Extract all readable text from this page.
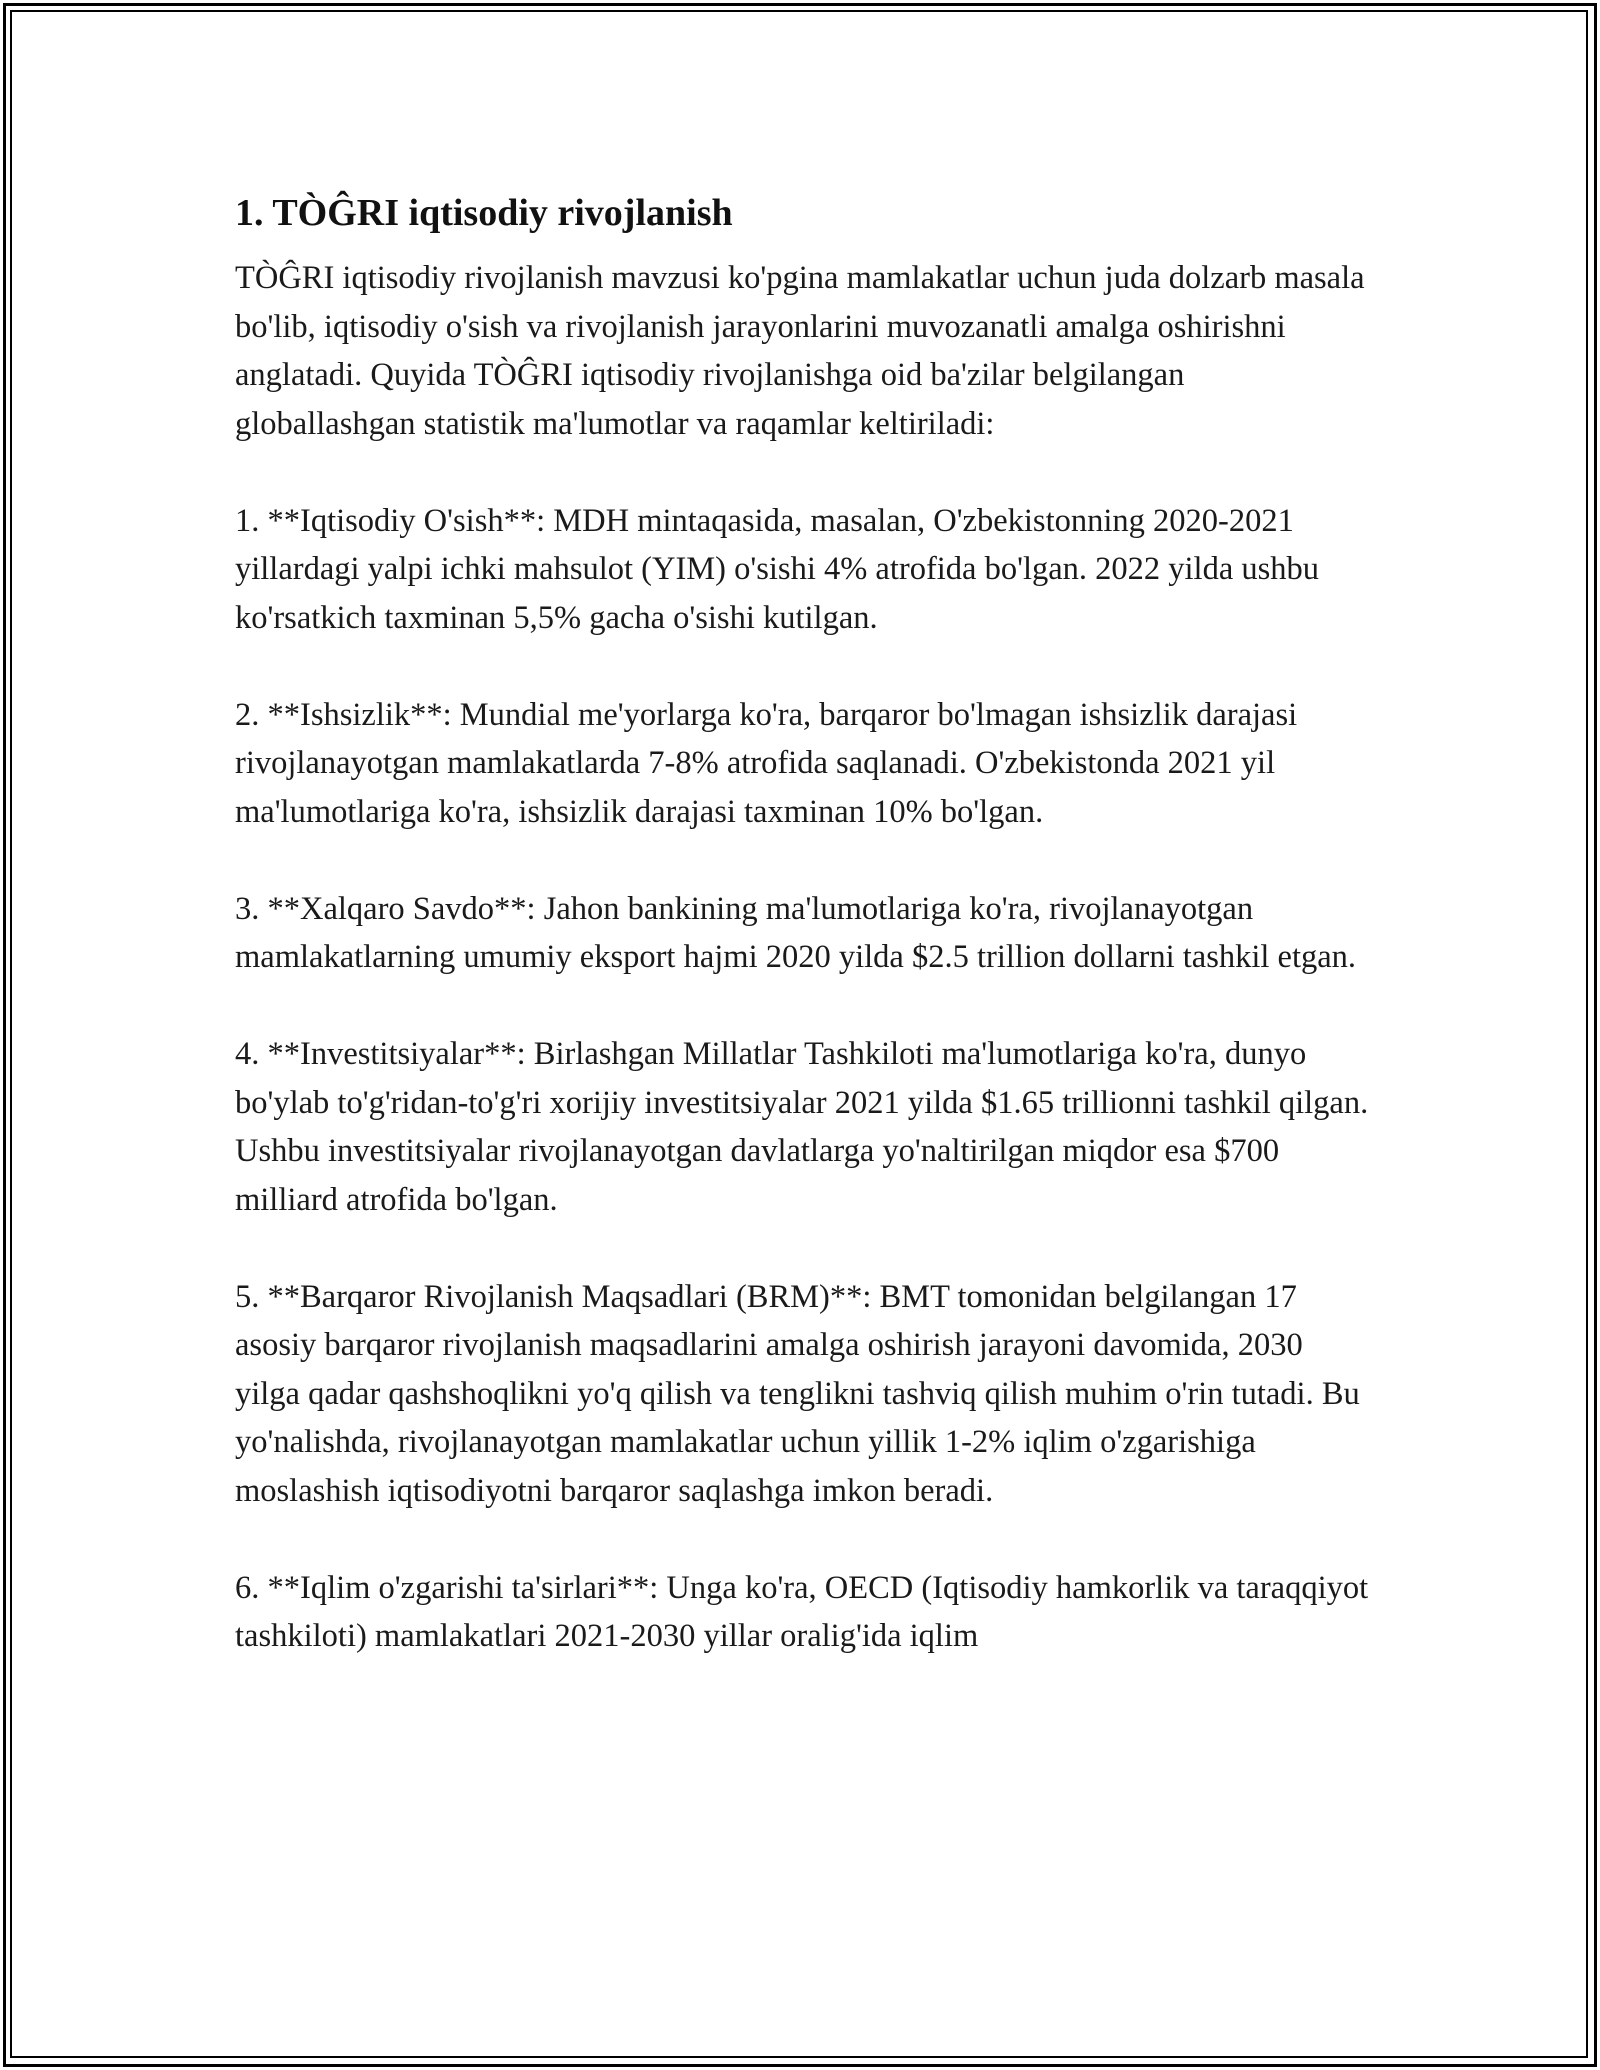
1. TÒĜRI iqtisodiy rivojlanish

TÒĜRI iqtisodiy rivojlanish mavzusi ko'pgina mamlakatlar uchun juda dolzarb masala bo'lib, iqtisodiy o'sish va rivojlanish jarayonlarini muvozanatli amalga oshirishni anglatadi. Quyida TÒĜRI iqtisodiy rivojlanishga oid ba'zilar belgilangan globallashgan statistik ma'lumotlar va raqamlar keltiriladi:

1. **Iqtisodiy O'sish**: MDH mintaqasida, masalan, O'zbekistonning 2020-2021 yillardagi yalpi ichki mahsulot (YIM) o'sishi 4% atrofida bo'lgan. 2022 yilda ushbu ko'rsatkich taxminan 5,5% gacha o'sishi kutilgan.

2. **Ishsizlik**: Mundial me'yorlarga ko'ra, barqaror bo'lmagan ishsizlik darajasi rivojlanayotgan mamlakatlarda 7-8% atrofida saqlanadi. O'zbekistonda 2021 yil ma'lumotlariga ko'ra, ishsizlik darajasi taxminan 10% bo'lgan.

3. **Xalqaro Savdo**: Jahon bankining ma'lumotlariga ko'ra, rivojlanayotgan mamlakatlarning umumiy eksport hajmi 2020 yilda $2.5 trillion dollarni tashkil etgan.

4. **Investitsiyalar**: Birlashgan Millatlar Tashkiloti ma'lumotlariga ko'ra, dunyo bo'ylab to'g'ridan-to'g'ri xorijiy investitsiyalar 2021 yilda $1.65 trillionni tashkil qilgan. Ushbu investitsiyalar rivojlanayotgan davlatlarga yo'naltirilgan miqdor esa $700 milliard atrofida bo'lgan.

5. **Barqaror Rivojlanish Maqsadlari (BRM)**: BMT tomonidan belgilangan 17 asosiy barqaror rivojlanish maqsadlarini amalga oshirish jarayoni davomida, 2030 yilga qadar qashshoqlikni yo'q qilish va tenglikni tashviq qilish muhim o'rin tutadi. Bu yo'nalishda, rivojlanayotgan mamlakatlar uchun yillik 1-2% iqlim o'zgarishiga moslashish iqtisodiyotni barqaror saqlashga imkon beradi.

6. **Iqlim o'zgarishi ta'sirlari**: Unga ko'ra, OECD (Iqtisodiy hamkorlik va taraqqiyot tashkiloti) mamlakatlari 2021-2030 yillar oralig'ida iqlim
